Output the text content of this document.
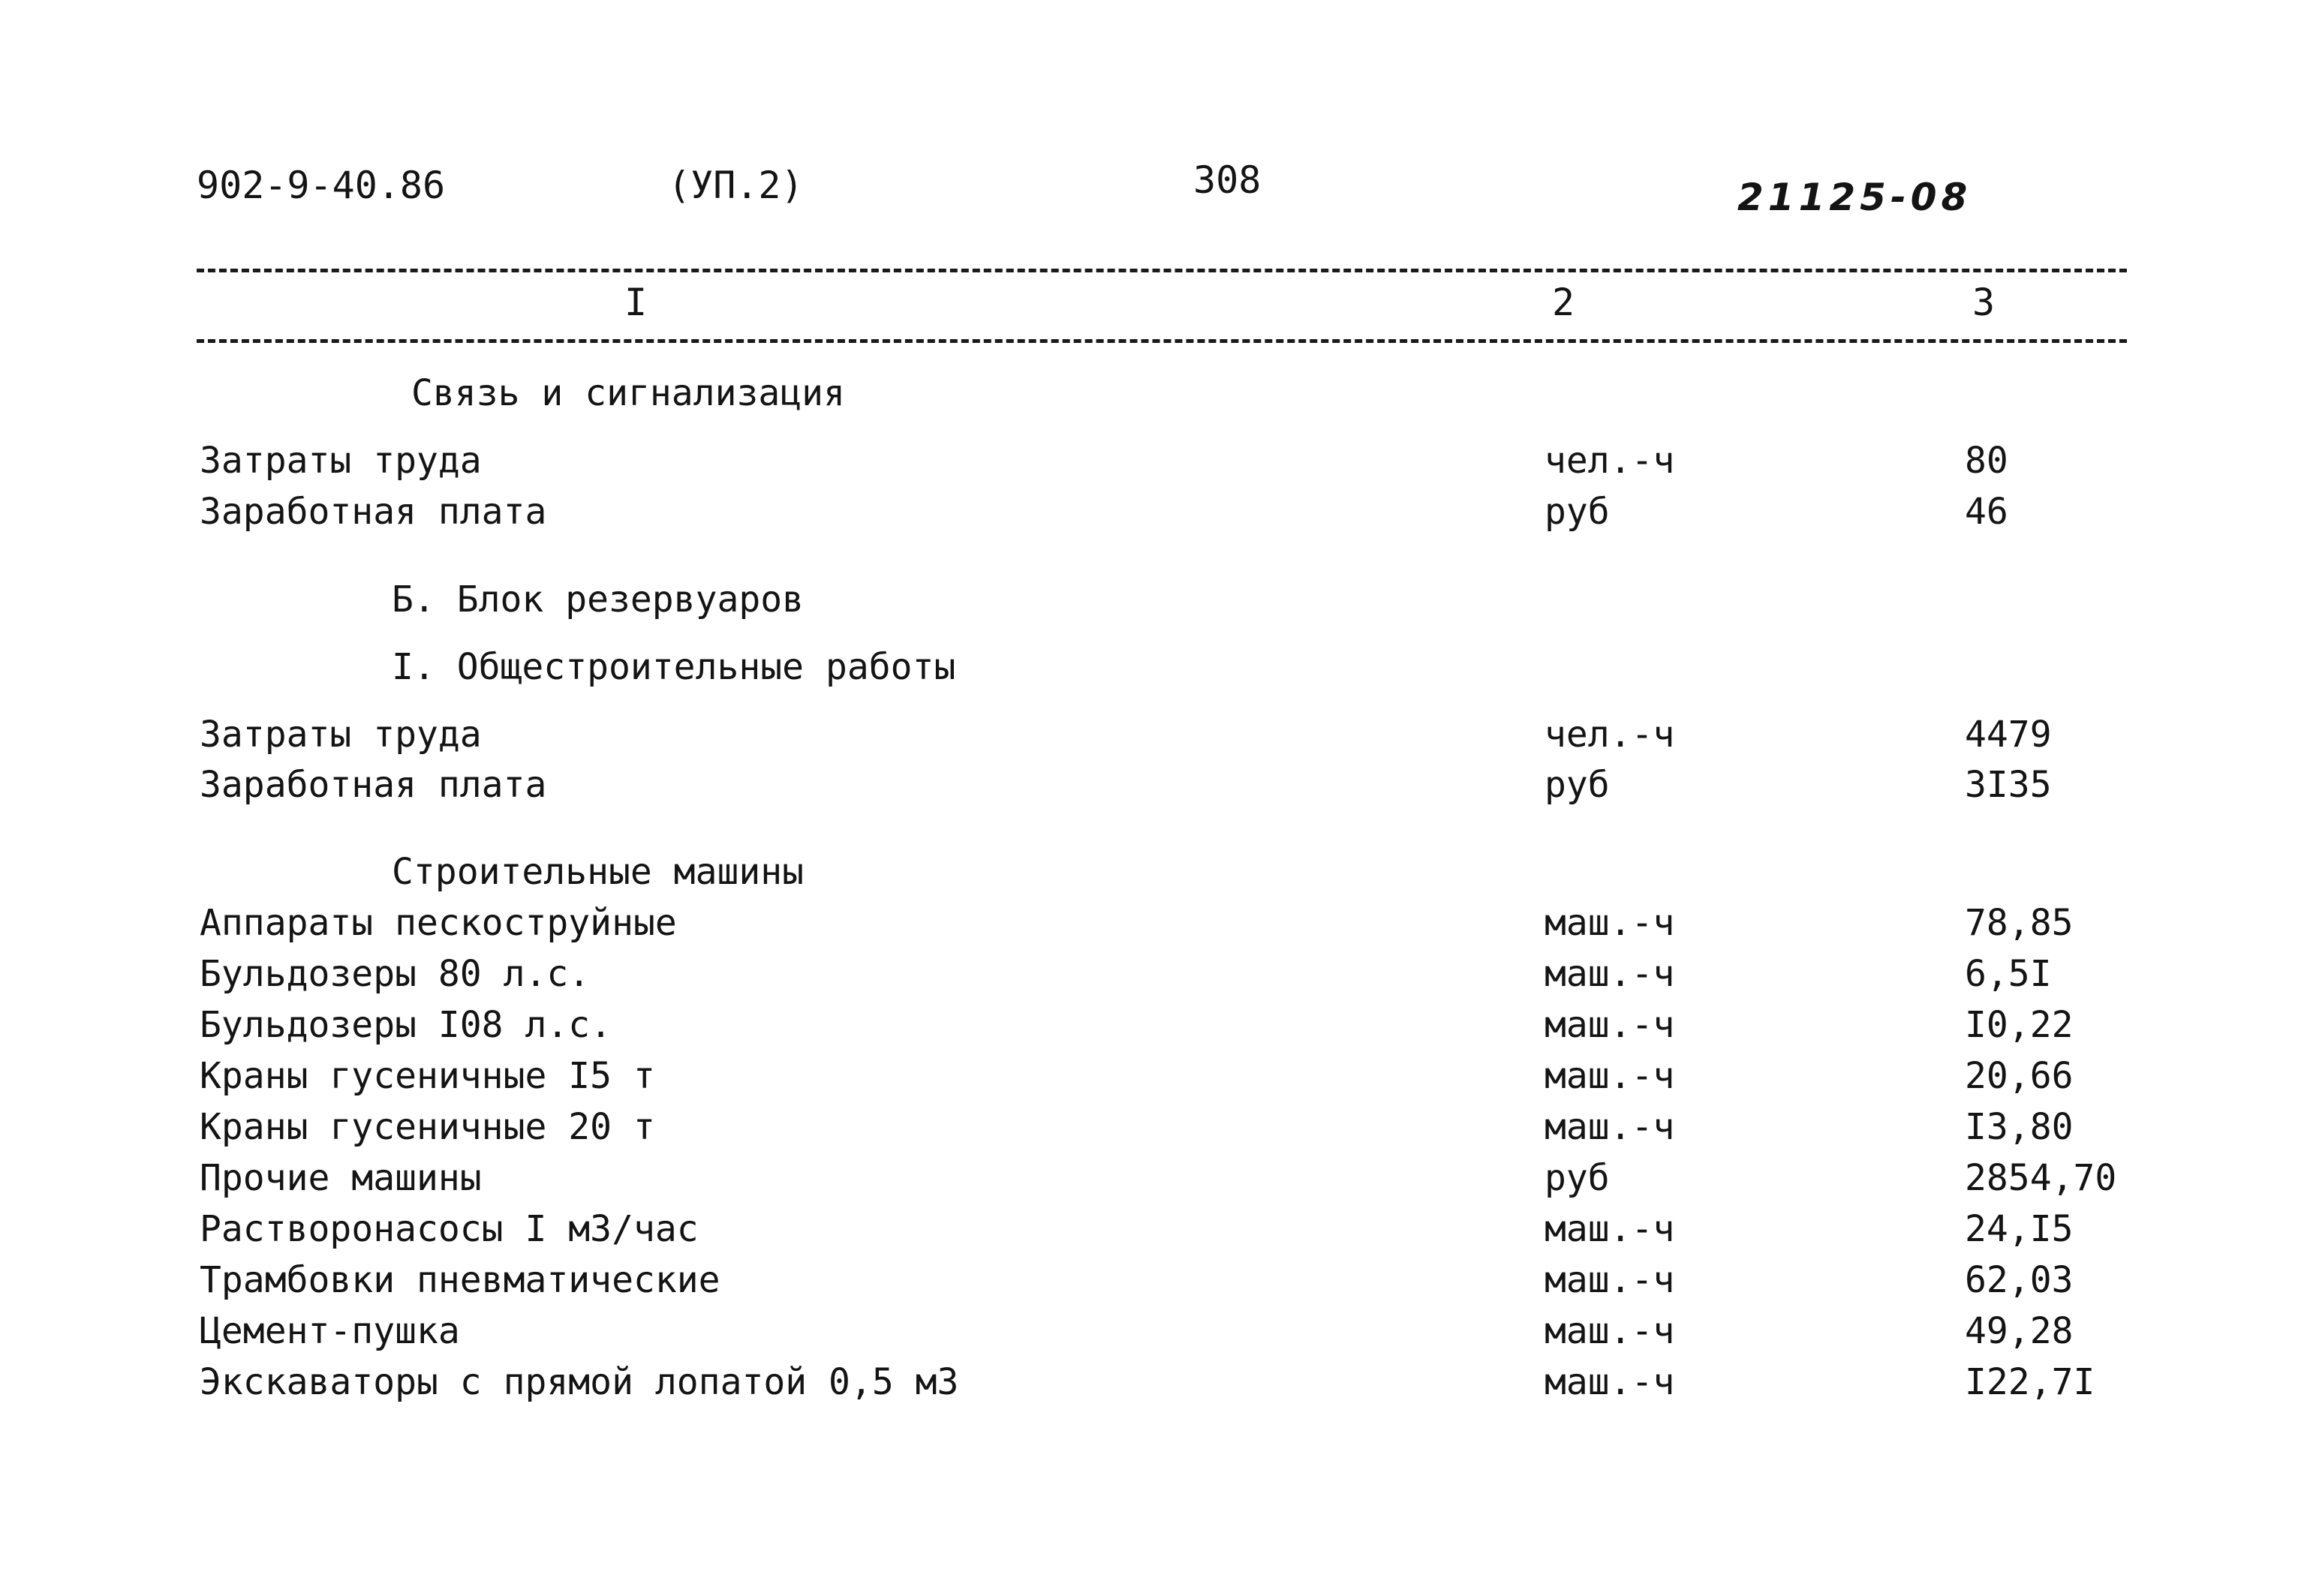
902-9-40.86	(УП.2)	308	21125-08
I	2	3
Связь и сигнализация
Затраты труда	чел.-ч	80
Заработная плата	руб	46
Б. Блок резервуаров
I. Общестроительные работы
Затраты труда	чел.-ч	4479
Заработная плата	руб	3I35
Строительные машины
Аппараты пескоструйные	маш.-ч	78,85
Бульдозеры 80 л.с.	маш.-ч	6,5I
Бульдозеры I08 л.с.	маш.-ч	I0,22
Краны гусеничные I5 т	маш.-ч	20,66
Краны гусеничные 20 т	маш.-ч	I3,80
Прочие машины	руб	2854,70
Растворонасосы I м3/час	маш.-ч	24,I5
Трамбовки пневматические	маш.-ч	62,03
Цемент-пушка	маш.-ч	49,28
Экскаваторы с прямой лопатой 0,5 м3	маш.-ч	I22,7I
